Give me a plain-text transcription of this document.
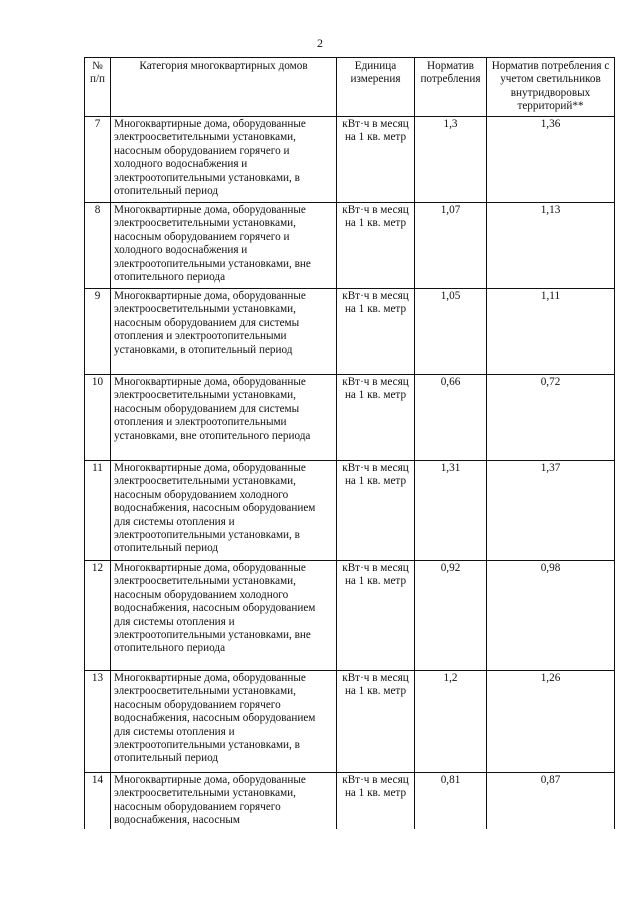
2
№ п/п	Категория многоквартирных домов	Единица измерения	Норматив потребления	Норматив потребления с учетом светильников внутридворовых территорий**
7	Многоквартирные дома, оборудованные электроосветительными установками, насосным оборудованием горячего и холодного водоснабжения и электроотопительными установками, в отопительный период	кВт·ч в месяц на 1 кв. метр	1,3	1,36
8	Многоквартирные дома, оборудованные электроосветительными установками, насосным оборудованием горячего и холодного водоснабжения и электроотопительными установками, вне отопительного периода	кВт·ч в месяц на 1 кв. метр	1,07	1,13
9	Многоквартирные дома, оборудованные электроосветительными установками, насосным оборудованием для системы отопления и электроотопительными установками, в отопительный период	кВт·ч в месяц на 1 кв. метр	1,05	1,11
10	Многоквартирные дома, оборудованные электроосветительными установками, насосным оборудованием для системы отопления и электроотопительными установками, вне отопительного периода	кВт·ч в месяц на 1 кв. метр	0,66	0,72
11	Многоквартирные дома, оборудованные электроосветительными установками, насосным оборудованием холодного водоснабжения, насосным оборудованием для системы отопления и электроотопительными установками, в отопительный период	кВт·ч в месяц на 1 кв. метр	1,31	1,37
12	Многоквартирные дома, оборудованные электроосветительными установками, насосным оборудованием холодного водоснабжения, насосным оборудованием для системы отопления и электроотопительными установками, вне отопительного периода	кВт·ч в месяц на 1 кв. метр	0,92	0,98
13	Многоквартирные дома, оборудованные электроосветительными установками, насосным оборудованием горячего водоснабжения, насосным оборудованием для системы отопления и электроотопительными установками, в отопительный период	кВт·ч в месяц на 1 кв. метр	1,2	1,26
14	Многоквартирные дома, оборудованные электроосветительными установками, насосным оборудованием горячего водоснабжения, насосным	кВт·ч в месяц на 1 кв. метр	0,81	0,87
